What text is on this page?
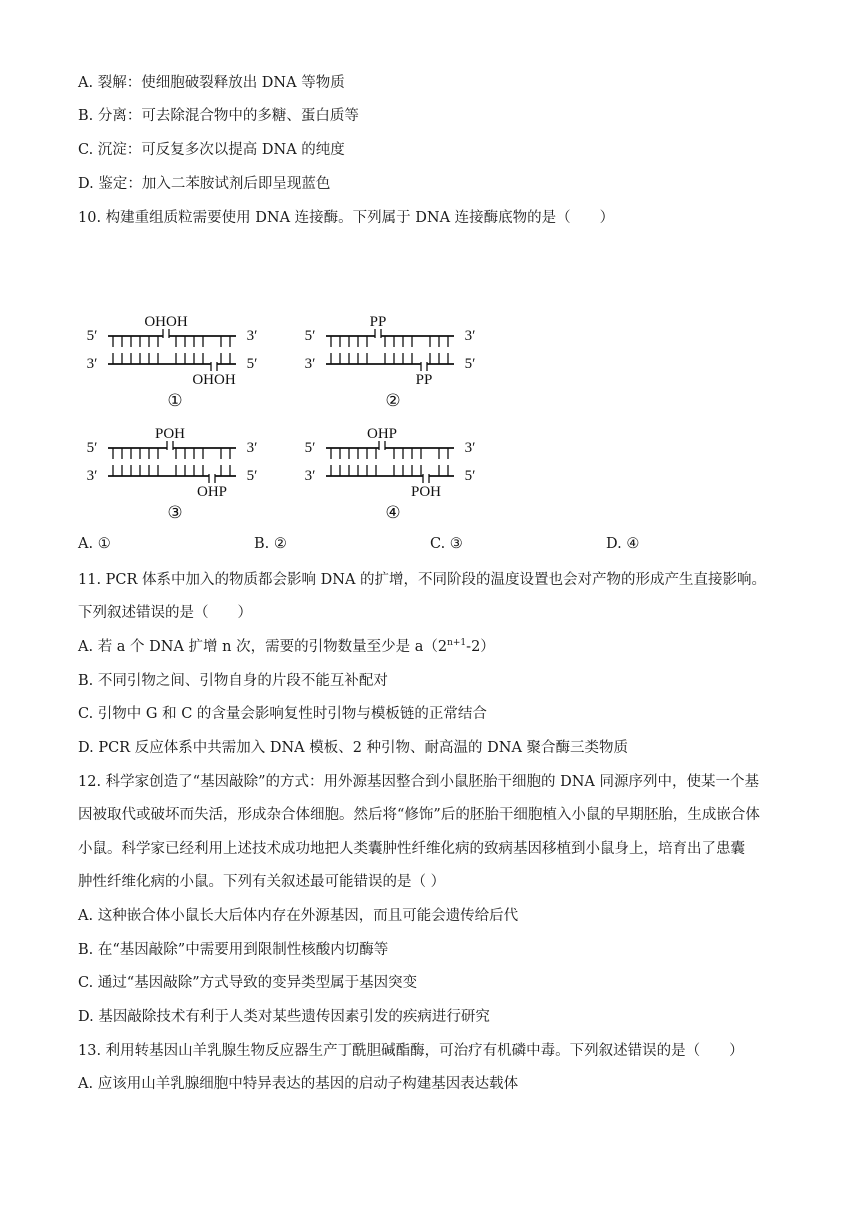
A. 裂解：使细胞破裂释放出 DNA 等物质
B. 分离：可去除混合物中的多糖、蛋白质等
C. 沉淀：可反复多次以提高 DNA 的纯度
D. 鉴定：加入二苯胺试剂后即呈现蓝色
10. 构建重组质粒需要使用 DNA 连接酶。下列属于 DNA 连接酶底物的是（　　）
5′	3′
3′	5′
OHOH
OHOH
①
5′	3′
3′	5′
PP
PP
②
5′	3′
3′	5′
POH
OHP
③
5′	3′
3′	5′
OHP
POH
④
A. ①	B. ②	C. ③	D. ④
11. PCR 体系中加入的物质都会影响 DNA 的扩增，不同阶段的温度设置也会对产物的形成产生直接影响。
下列叙述错误的是（　　）
A. 若 a 个 DNA 扩增 n 次，需要的引物数量至少是 $a(2^{n+1}-2)$
B. 不同引物之间、引物自身的片段不能互补配对
C. 引物中 G 和 C 的含量会影响复性时引物与模板链的正常结合
D. PCR 反应体系中共需加入 DNA 模板、2 种引物、耐高温的 DNA 聚合酶三类物质
12. 科学家创造了“基因敲除”的方式：用外源基因整合到小鼠胚胎干细胞的 DNA 同源序列中，使某一个基
因被取代或破坏而失活，形成杂合体细胞。然后将“修饰”后的胚胎干细胞植入小鼠的早期胚胎，生成嵌合体
小鼠。科学家已经利用上述技术成功地把人类囊肿性纤维化病的致病基因移植到小鼠身上，培育出了患囊
肿性纤维化病的小鼠。下列有关叙述最可能错误的是（ ）
A. 这种嵌合体小鼠长大后体内存在外源基因，而且可能会遗传给后代
B. 在“基因敲除”中需要用到限制性核酸内切酶等
C. 通过“基因敲除”方式导致的变异类型属于基因突变
D. 基因敲除技术有利于人类对某些遗传因素引发的疾病进行研究
13. 利用转基因山羊乳腺生物反应器生产丁酰胆碱酯酶，可治疗有机磷中毒。下列叙述错误的是（　　）
A. 应该用山羊乳腺细胞中特异表达的基因的启动子构建基因表达载体
